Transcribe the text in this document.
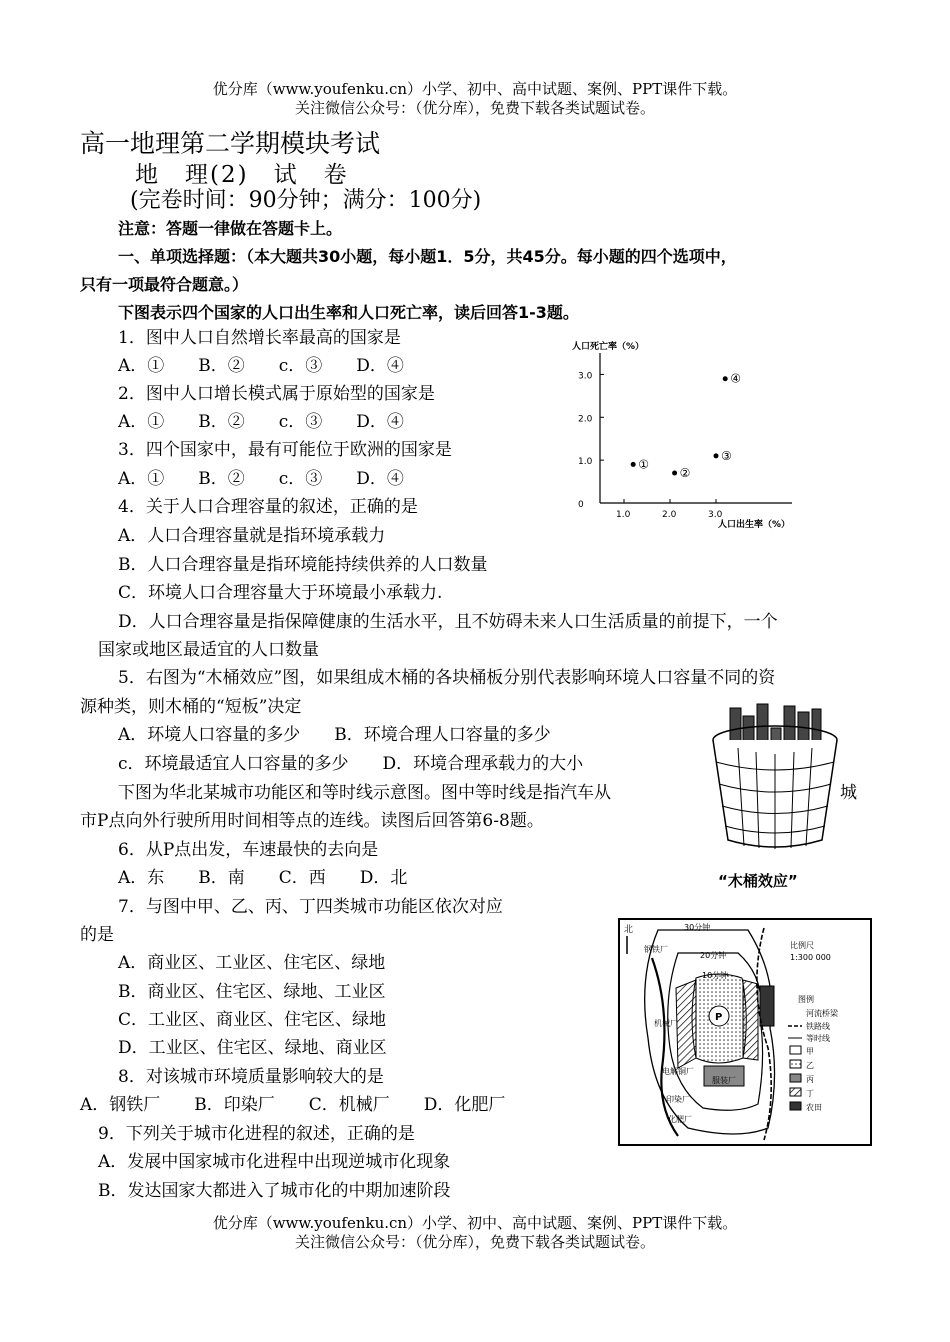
优分库（www.youfenku.cn）小学、初中、高中试题、案例、PPT课件下载。
关注微信公众号：（优分库），免费下载各类试题试卷。
高一地理第二学期模块考试
地　理(2)　试　卷
(完卷时间：90分钟；满分：100分)
注意：答题一律做在答题卡上。
一、单项选择题：（本大题共30小题，每小题1．5分，共45分。每小题的四个选项中，
只有一项最符合题意。）
下图表示四个国家的人口出生率和人口死亡率，读后回答1-3题。
1．图中人口自然增长率最高的国家是
A．①　　B．②　　c．③　　D．④
2．图中人口增长模式属于原始型的国家是
A．①　　B．②　　c．③　　D．④
3．四个国家中，最有可能位于欧洲的国家是
A．①　　B．②　　c．③　　D．④
4．关于人口合理容量的叙述，正确的是
A．人口合理容量就是指环境承载力
B．人口合理容量是指环境能持续供养的人口数量
C．环境人口合理容量大于环境最小承载力.
D．人口合理容量是指保障健康的生活水平，且不妨碍未来人口生活质量的前提下，一个
国家或地区最适宜的人口数量
5．右图为“木桶效应”图，如果组成木桶的各块桶板分别代表影响环境人口容量不同的资
源种类，则木桶的“短板”决定
A．环境人口容量的多少　　B．环境合理人口容量的多少
c．环境最适宜人口容量的多少　　D．环境合理承载力的大小
下图为华北某城市功能区和等时线示意图。图中等时线是指汽车从	城
市P点向外行驶所用时间相等点的连线。读图后回答第6-8题。
6．从P点出发，车速最快的去向是
A．东　　B．南　　C．西　　D．北
7．与图中甲、乙、丙、丁四类城市功能区依次对应
的是
A．商业区、工业区、住宅区、绿地
B．商业区、住宅区、绿地、工业区
C．工业区、商业区、住宅区、绿地
D．工业区、住宅区、绿地、商业区
8．对该城市环境质量影响较大的是
A．钢铁厂　　B．印染厂　　C．机械厂　　D．化肥厂
9．下列关于城市化进程的叙述，正确的是
A．发展中国家城市化进程中出现逆城市化现象
B．发达国家大都进入了城市化的中期加速阶段
优分库（www.youfenku.cn）小学、初中、高中试题、案例、PPT课件下载。
关注微信公众号：（优分库），免费下载各类试题试卷。
人口死亡率（%）
3.0
2.0
1.0
0
1.0	2.0	3.0
①
②
③
④
人口出生率（%）
“木桶效应”
P
北	30分钟
20分钟
10分钟
钢铁厂
机械厂
电解铜厂
服装厂
印染厂
化肥厂
比例尺
1:300 000
图例
河流桥梁
铁路线
等时线
甲
乙
丙
丁
农田
